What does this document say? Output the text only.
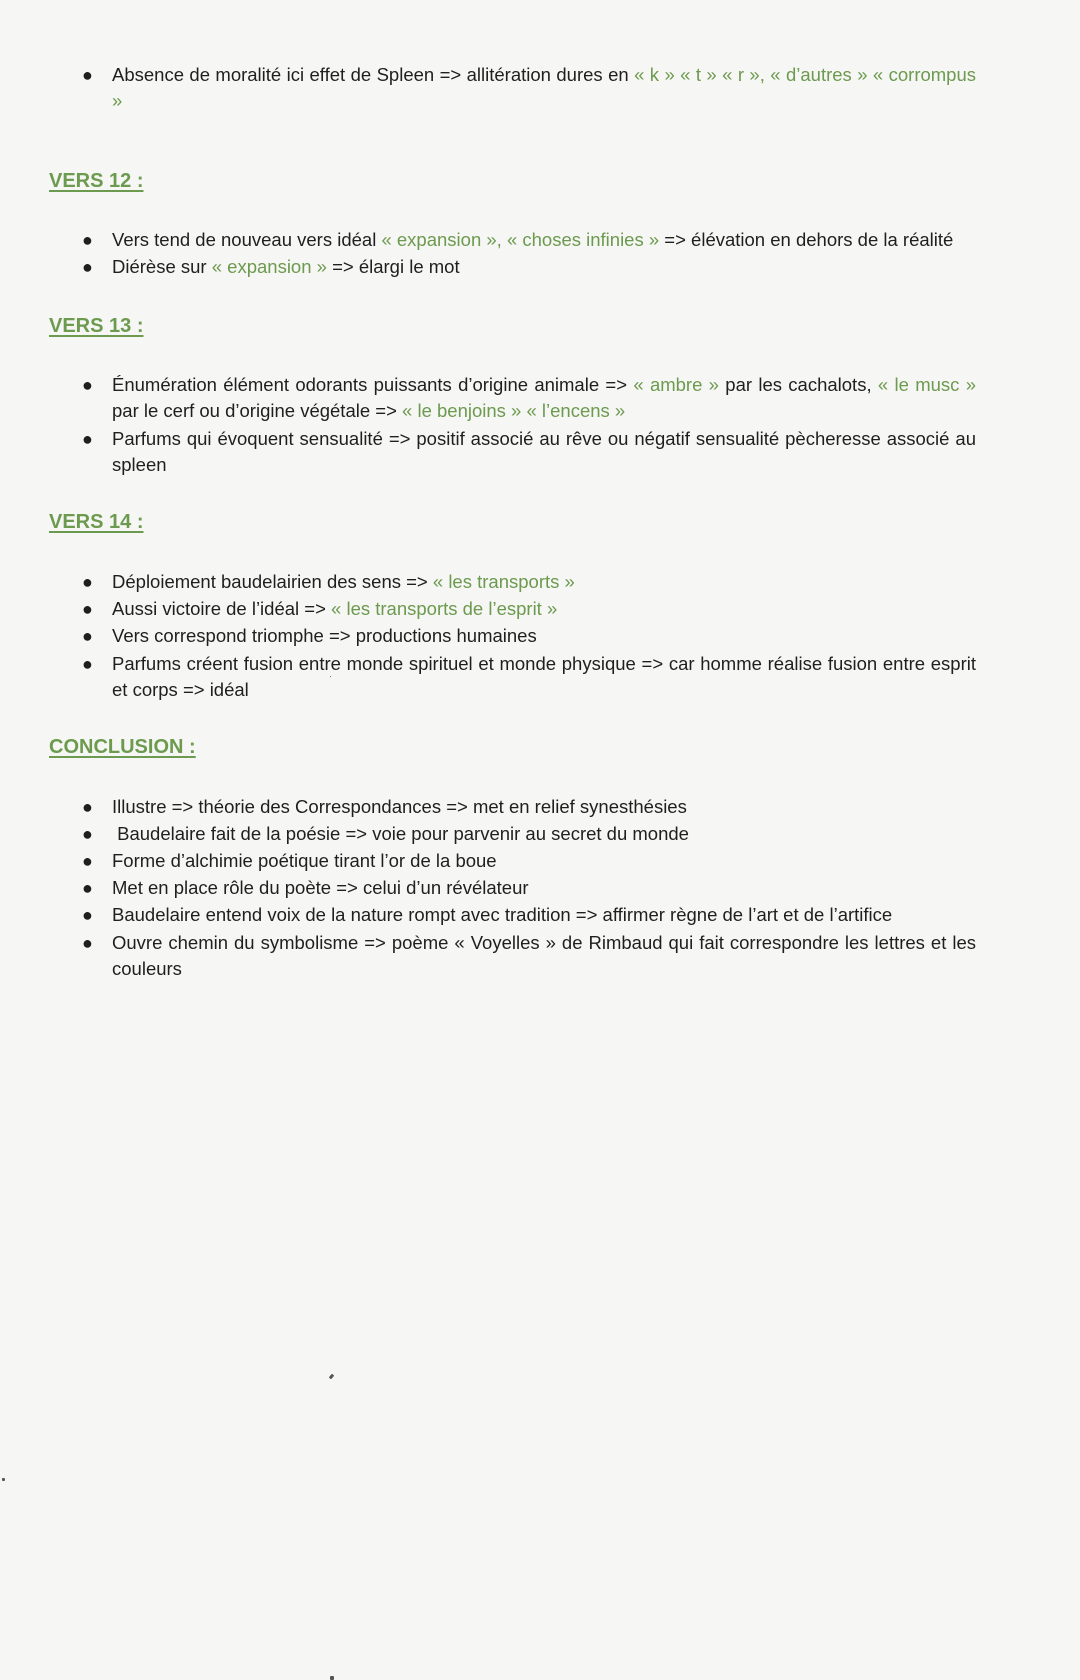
● Absence de moralité ici effet de Spleen => allitération dures en « k » « t » « r », « d’autres » « corrompus »
VERS 12 :
● Vers tend de nouveau vers idéal « expansion », « choses infinies » => élévation en dehors de la réalité
● Diérèse sur « expansion » => élargi le mot
VERS 13 :
● Énumération élément odorants puissants d’origine animale => « ambre » par les cachalots, « le musc » par le cerf ou d’origine végétale => « le benjoins » « l’encens »
● Parfums qui évoquent sensualité => positif associé au rêve ou négatif sensualité pècheresse associé au spleen
VERS 14 :
● Déploiement baudelairien des sens => « les transports »
● Aussi victoire de l’idéal => « les transports de l’esprit »
● Vers correspond triomphe => productions humaines
● Parfums créent fusion entre monde spirituel et monde physique => car homme réalise fusion entre esprit et corps => idéal
CONCLUSION :
● Illustre => théorie des Correspondances => met en relief synesthésies
● Baudelaire fait de la poésie => voie pour parvenir au secret du monde
● Forme d’alchimie poétique tirant l’or de la boue
● Met en place rôle du poète => celui d’un révélateur
● Baudelaire entend voix de la nature rompt avec tradition => affirmer règne de l’art et de l’artifice
● Ouvre chemin du symbolisme => poème « Voyelles » de Rimbaud qui fait correspondre les lettres et les couleurs
